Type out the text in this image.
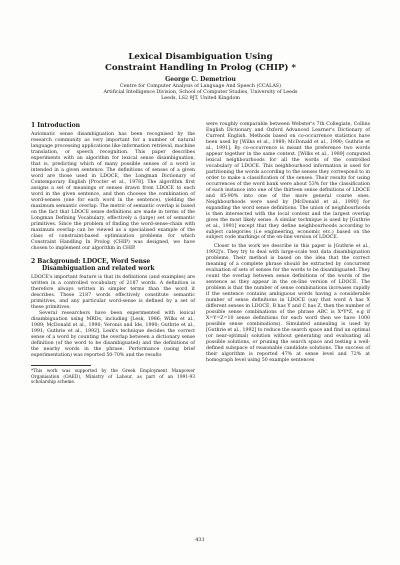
Lexical Disambiguation Using
Constraint Handling In Prolog (CHIP) *

George C. Demetriou

Centre for Computer Analysis of Language And Speech (CCALAS)
Artificial Intelligence Division, School of Computer Studies, University of Leeds
Leeds, LS2 9JT, United Kingdom

1 Introduction

Automatic sense disambiguation has been recognised by the research community as very important for a number of natural language processing applications like information retrieval, machine translation, or speech recognition. This paper describes experiments with an algorithm for lexical sense disambiguation, that is, predicting which of many possible senses of a word is intended in a given sentence. The definitions of senses of a given word are those used in LDOCE, the Longman Dictionary of Contemporary English [Procter et al., 1978]. The algorithm first assigns a set of meanings or senses drawn from LDOCE to each word in the given sentence, and then chooses the combination of word-senses (one for each word in the sentence), yielding the maximum semantic overlap. The metric of semantic overlap is based on the fact that LDOCE sense definitions are made in terms of the Longman Defining Vocabulary, effectively a (large) set of semantic primitives. Since the problem of finding the word-sense-chain with maximum overlap can be viewed as a specialised example of the class of constraint-based optimisation problems for which Constraint Handling In Prolog (CHIP) was designed, we have chosen to implement our algorithm in CHIP.

2 Background: LDOCE, Word Sense
Disambiguation and related work

LDOCE's important feature is that its definitions (and examples) are written in a controlled vocabulary of 2187 words. A definition is therefore always written in simpler terms than the word it describes. These 2187 words effectively constitute semantic primitives, and any particular word-sense is defined by a set of these primitives.

Several researchers have been experimented with lexical disambiguation using MRDs, including [Lesk, 1986; Wilks et al., 1989; McDonald et al., 1990; Veronis and Ide, 1990; Guthrie et al., 1991; Guthrie et al., 1992]. Lesk's technique decides the correct sense of a word by counting the overlap between a dictionary sense definition (of the word to be disambiguated) and the definitions of the nearby words in the phrase. Performance (using brief experimentation) was reported 50-70% and the results

*This work was supported by the Greek Employment Manpower Organisation (OAED), Ministry of Labour, as part of an 1991-93 scholarship scheme.

were roughly comparable between Webster's 7th Collegiate, Collins English Dictionary and Oxford Advanced Learner's Dictionary of Current English. Methods based on co-occurrence statistics have been used by [Wilks et al., 1989; McDonald et al., 1990; Guthrie et al., 1991]. By co-occurrence is meant the preference two words appear together in the same context. [Wilks et al., 1989] computed lexical neighbourhoods for all the words of the controlled vocabulary of LDOCE. This neighbourhood information is used for partitioning the words according to the senses they correspond to in order to make a classification of the senses. Their results for using occurrences of the word bank were about 53% for the classification of each instance into one of the thirteen sense definitions of LDOCE and 85-90% into one of the more general coarse ones. Neighbourhoods were used by [McDonald et al., 1990] for expanding the word sense definitions. The union of neighbourhoods is then intersected with the local context and the largest overlap gives the most likely sense. A similar technique is used by [Guthrie et al., 1991] except that they define neighbourhoods according to subject categories (i.e engineering, economic etc.) based on the subject code markings of the on-line version of LDOCE.

Closer to the work we describe in this paper is [Guthrie et al., 1992]'s. They try to deal with large-scale text data disambiguation problems. Their method is based on the idea that the correct meaning of a complete phrase should be extracted by concurrent evaluation of sets of senses for the words to be disambiguated. They count the overlap between sense definitions of the words of the sentence as they appear in the on-line version of LDOCE. The problem is that the number of sense combinations increases rapidly if the sentence contains ambiguous words having a considerable number of sense definitions in LDOCE (say that word A has X different senses in LDOCE, B has Y and C has Z, then the number of possible sense combinations of the phrase ABC is X*Y*Z, e.g if X=Y=Z=10 sense definitions for each word then we have 1000 possible sense combinations). Simulated annealing is used by [Guthrie et al., 1992] to reduce the search space and find an optimal (or near-optimal) solution without generating and evaluating all possible solutions, or pruning the search space and testing a well-defined subspace of reasonable candidate solutions. The success of their algorithm is reported 47% at sense level and 72% at homograph level using 50 example sentences

431
